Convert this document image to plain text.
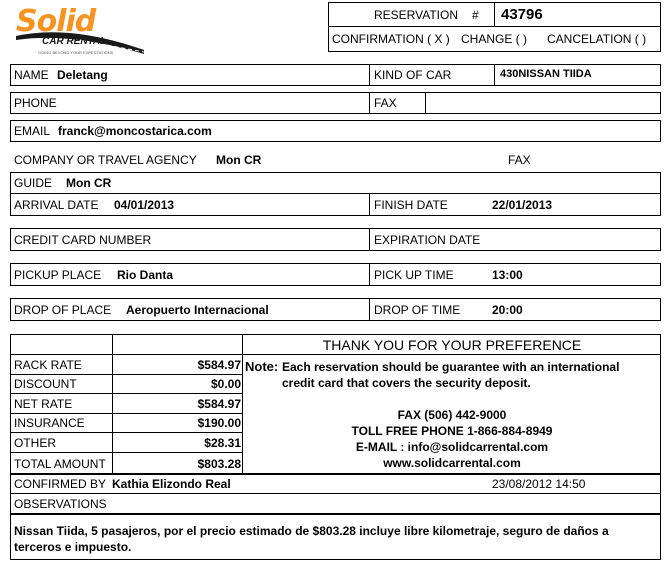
Solid
CAR RENTAL
GOING BEYOND YOUR EXPECTATIONS
RESERVATION # 43796
CONFIRMATION ( X ) CHANGE ( ) CANCELATION ( )
NAME Deletang	KIND OF CAR	430NISSAN TIIDA
PHONE	FAX
EMAIL franck@moncostarica.com
COMPANY OR TRAVEL AGENCY Mon CR	FAX
GUIDE Mon CR
ARRIVAL DATE 04/01/2013	FINISH DATE	22/01/2013
CREDIT CARD NUMBER	EXPIRATION DATE
PICKUP PLACE Rio Danta	PICK UP TIME	13:00
DROP OF PLACE Aeropuerto Internacional	DROP OF TIME	20:00
RACK RATE	$584.97
DISCOUNT	$0.00
NET RATE	$584.97
INSURANCE	$190.00
OTHER	$28.31
TOTAL AMOUNT	$803.28
THANK YOU FOR YOUR PREFERENCE
Note: Each reservation should be guarantee with an international
credit card that covers the security deposit.
FAX (506) 442-9000
TOLL FREE PHONE 1-866-884-8949
E-MAIL : info@solidcarrental.com
www.solidcarrental.com
CONFIRMED BY Kathia Elizondo Real	23/08/2012 14:50
OBSERVATIONS
Nissan Tiida, 5 pasajeros, por el precio estimado de $803.28 incluye libre kilometraje, seguro de daños a
terceros e impuesto.
